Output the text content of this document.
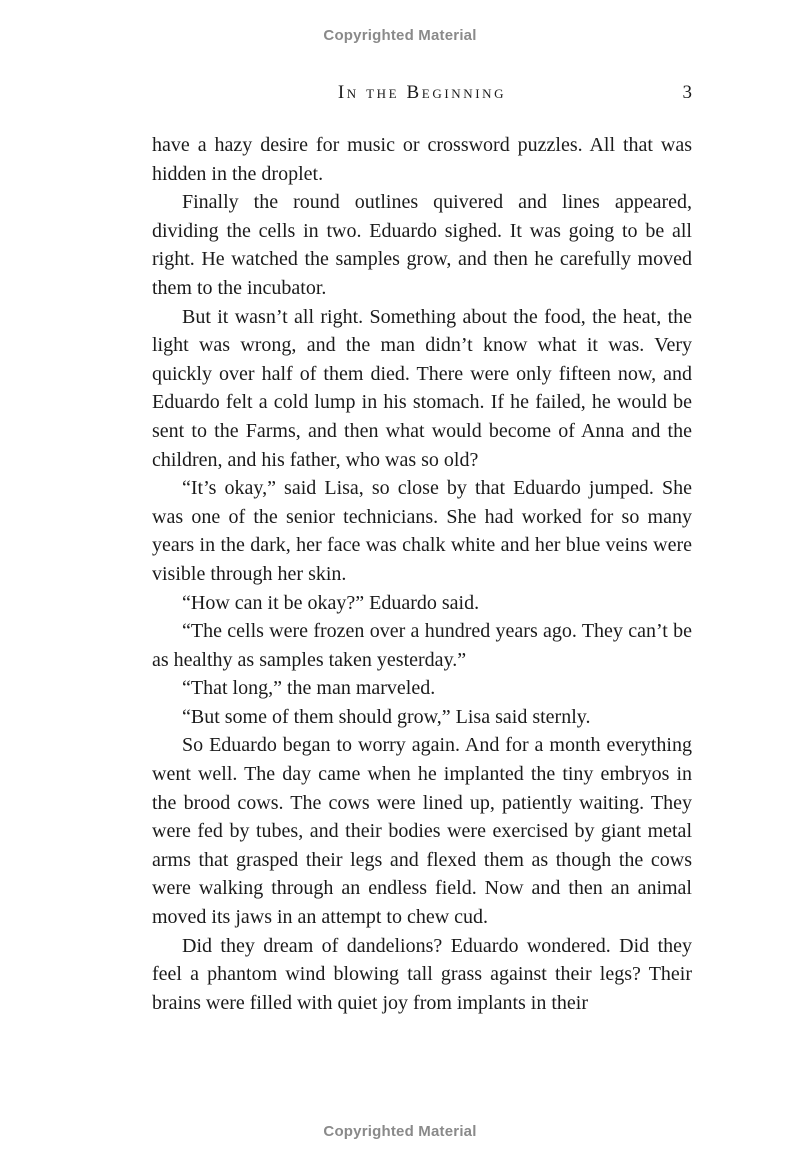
Copyrighted Material
In the Beginning	3

have a hazy desire for music or crossword puzzles. All that was hidden in the droplet.

Finally the round outlines quivered and lines appeared, dividing the cells in two. Eduardo sighed. It was going to be all right. He watched the samples grow, and then he carefully moved them to the incubator.

But it wasn’t all right. Something about the food, the heat, the light was wrong, and the man didn’t know what it was. Very quickly over half of them died. There were only fifteen now, and Eduardo felt a cold lump in his stomach. If he failed, he would be sent to the Farms, and then what would become of Anna and the children, and his father, who was so old?

“It’s okay,” said Lisa, so close by that Eduardo jumped. She was one of the senior technicians. She had worked for so many years in the dark, her face was chalk white and her blue veins were visible through her skin.

“How can it be okay?” Eduardo said.

“The cells were frozen over a hundred years ago. They can’t be as healthy as samples taken yesterday.”

“That long,” the man marveled.

“But some of them should grow,” Lisa said sternly.

So Eduardo began to worry again. And for a month everything went well. The day came when he implanted the tiny embryos in the brood cows. The cows were lined up, patiently waiting. They were fed by tubes, and their bodies were exercised by giant metal arms that grasped their legs and flexed them as though the cows were walking through an endless field. Now and then an animal moved its jaws in an attempt to chew cud.

Did they dream of dandelions? Eduardo wondered. Did they feel a phantom wind blowing tall grass against their legs? Their brains were filled with quiet joy from implants in their

Copyrighted Material
